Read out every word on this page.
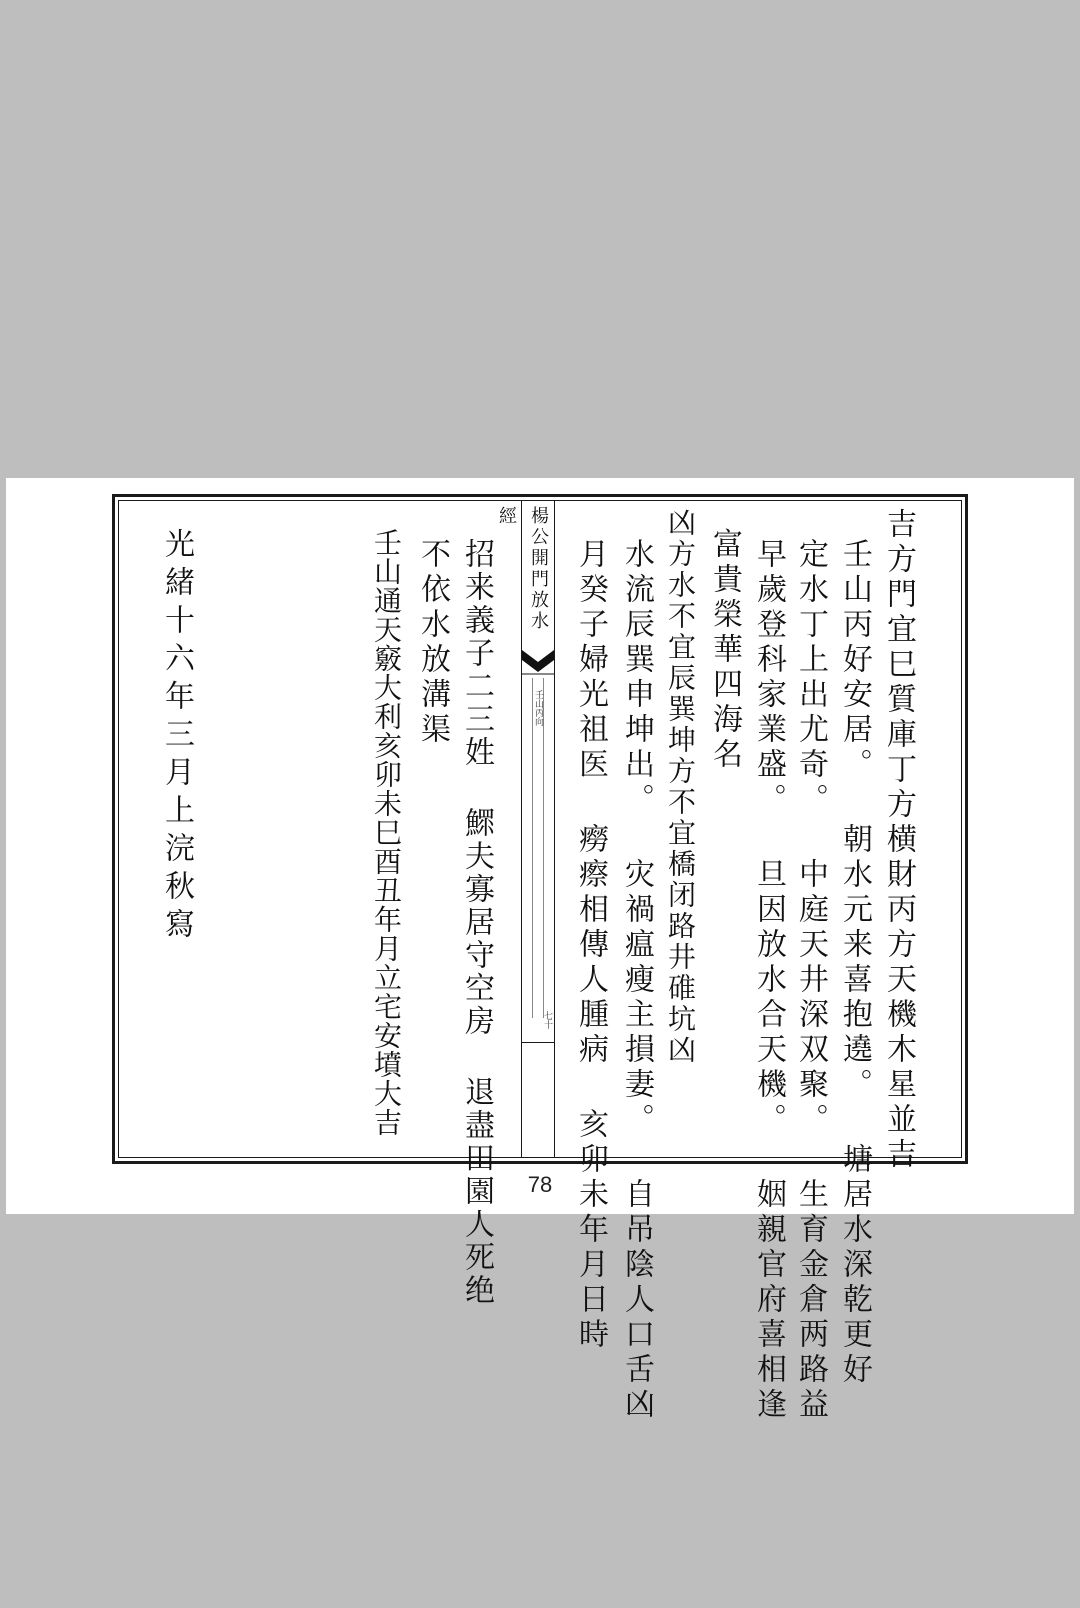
楊公開門放水經
壬山丙向
七十	吉方門宜巳質庫丁方横財丙方天機木星並吉
壬山丙好安居。 朝水元来喜抱遶。 塘居水深乾更好
定水丁上出尤奇。 中庭天井深双聚。 生育金倉两路益
早歲登科家業盛。 旦因放水合天機。 姻親官府喜相逢
富貴榮華四海名
凶方水不宜辰巽坤方不宜橋闭路井碓坑凶
水流辰巽申坤出。 灾禍瘟瘦主損妻。 自吊陰人口舌凶
月癸子婦光祖医 癆瘵相傳人腫病 亥卯未年月日時
招来義子二三姓 鰥夫寡居守空房 退盡田園人死绝
不依水放溝渠
壬山通天竅大利亥卯未巳酉丑年月立宅安墳大吉
光緒十六年三月上浣秋寫
78
